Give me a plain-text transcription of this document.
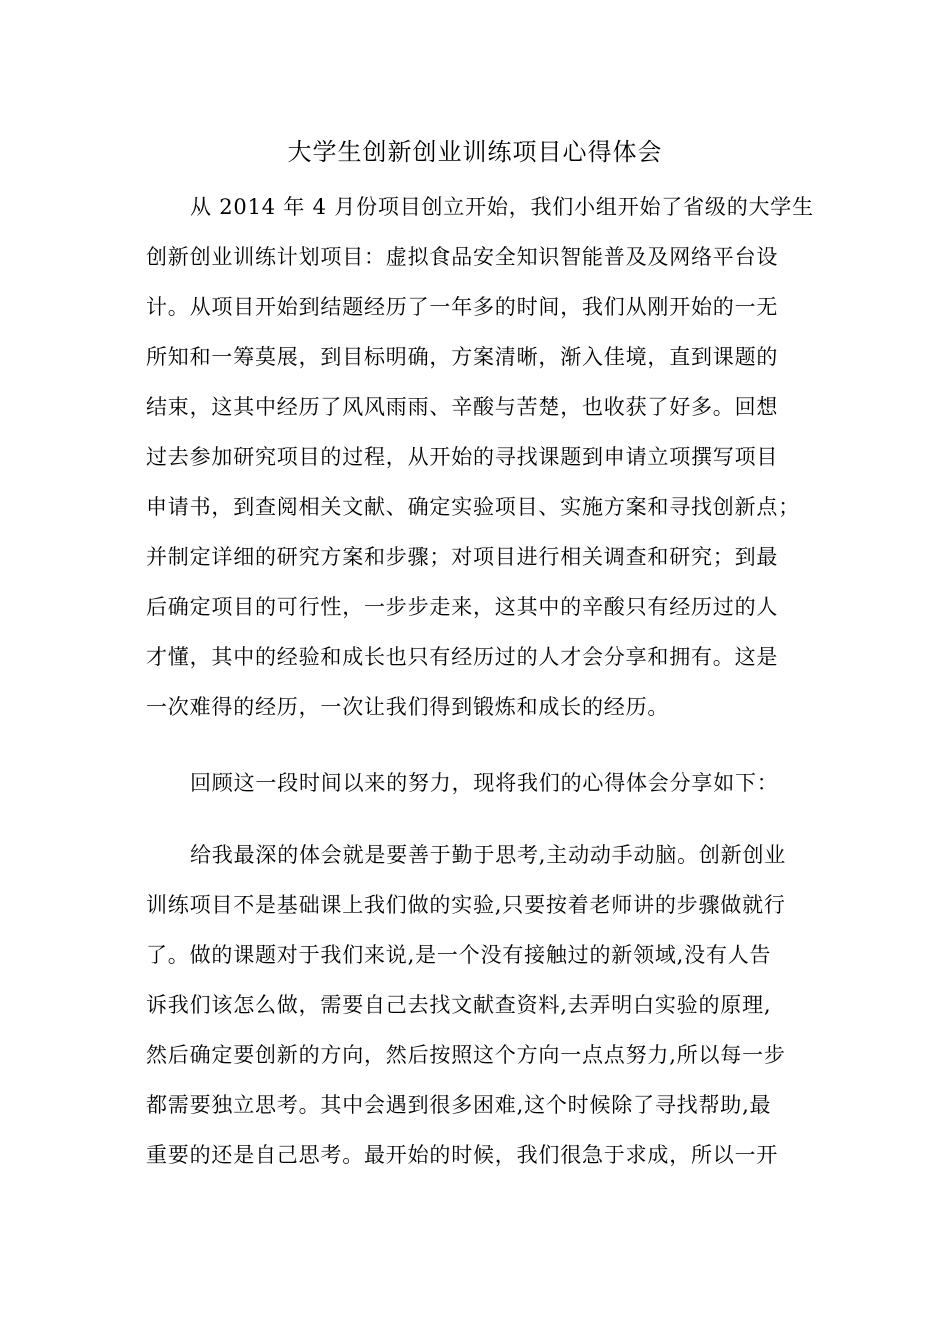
大学生创新创业训练项目心得体会
从 2014 年 4 月份项目创立开始，我们小组开始了省级的大学生
创新创业训练计划项目：虚拟食品安全知识智能普及及网络平台设
计。从项目开始到结题经历了一年多的时间，我们从刚开始的一无
所知和一筹莫展，到目标明确，方案清晰，渐入佳境，直到课题的
结束，这其中经历了风风雨雨、辛酸与苦楚，也收获了好多。回想
过去参加研究项目的过程，从开始的寻找课题到申请立项撰写项目
申请书，到查阅相关文献、确定实验项目、实施方案和寻找创新点；
并制定详细的研究方案和步骤；对项目进行相关调查和研究；到最
后确定项目的可行性，一步步走来，这其中的辛酸只有经历过的人
才懂，其中的经验和成长也只有经历过的人才会分享和拥有。这是
一次难得的经历，一次让我们得到锻炼和成长的经历。
回顾这一段时间以来的努力，现将我们的心得体会分享如下：
给我最深的体会就是要善于勤于思考,主动动手动脑。创新创业
训练项目不是基础课上我们做的实验,只要按着老师讲的步骤做就行
了。做的课题对于我们来说,是一个没有接触过的新领域,没有人告
诉我们该怎么做，需要自己去找文献查资料,去弄明白实验的原理,
然后确定要创新的方向，然后按照这个方向一点点努力,所以每一步
都需要独立思考。其中会遇到很多困难,这个时候除了寻找帮助,最
重要的还是自己思考。最开始的时候，我们很急于求成，所以一开
